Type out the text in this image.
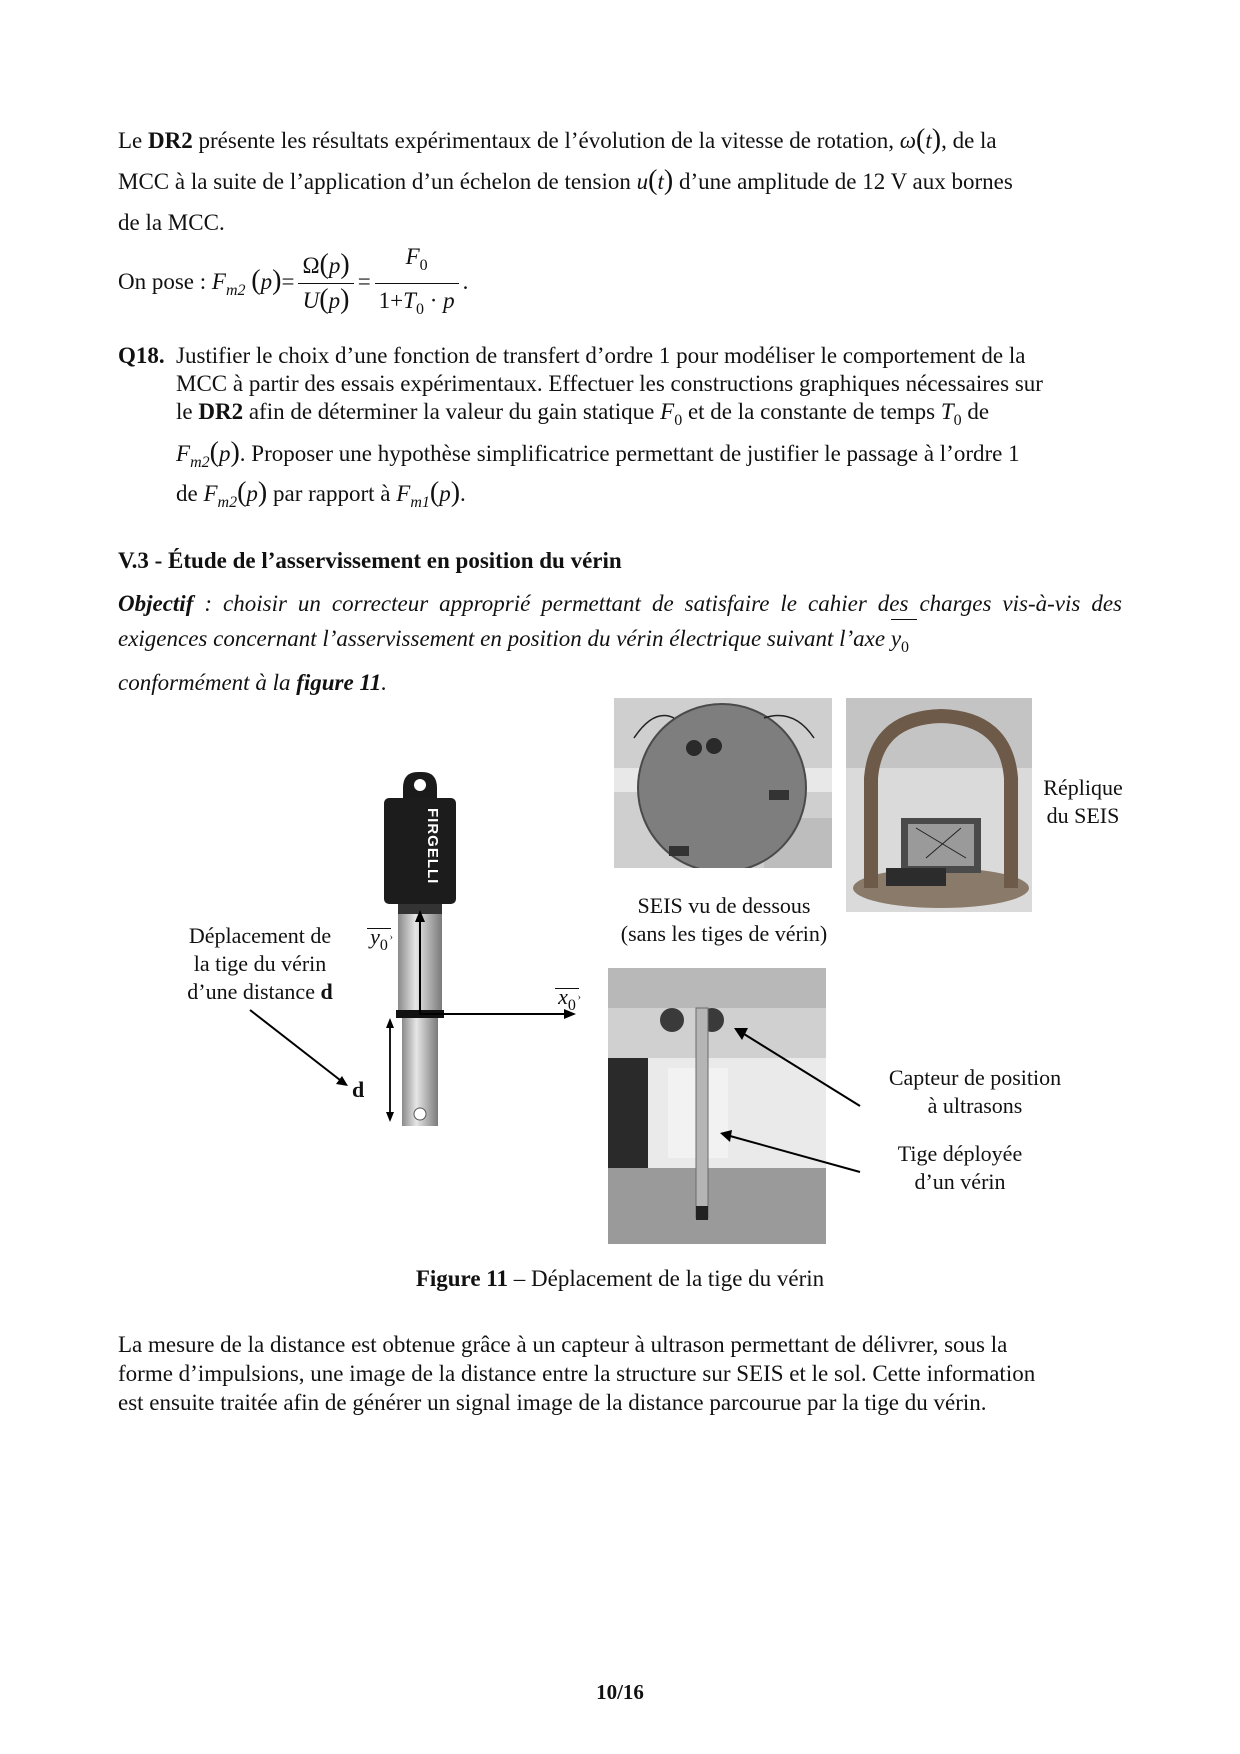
Le DR2 présente les résultats expérimentaux de l’évolution de la vitesse de rotation, ω(t), de la
MCC à la suite de l’application d’un échelon de tension u(t) d’une amplitude de 12 V aux bornes
de la MCC.
On pose : $F_{m2}$ $(p)= \frac{\Omega(p)}{U(p)} = \frac{F_0}{1+T_0 \cdot p}$ .
Q18. Justifier le choix d’une fonction de transfert d’ordre 1 pour modéliser le comportement de la
MCC à partir des essais expérimentaux. Effectuer les constructions graphiques nécessaires sur
le DR2 afin de déterminer la valeur du gain statique $F_0$ et de la constante de temps $T_0$ de
$F_{m2}(p)$. Proposer une hypothèse simplificatrice permettant de justifier le passage à l’ordre 1
de $F_{m2}(p)$ par rapport à $F_{m1}(p)$.
V.3 - Étude de l’asservissement en position du vérin
Objectif : choisir un correcteur approprié permettant de satisfaire le cahier des charges vis-à-vis des exigences concernant l’asservissement en position du vérin électrique suivant l’axe
$y_0$
conformément à la figure 11.
FIRGELLI
Déplacement de
la tige du vérin
d’une distance d
d
›
$y_0$
›
$x_0$
Réplique
du SEIS
SEIS vu de dessous
(sans les tiges de vérin)
Capteur de position
à ultrasons
Tige déployée
d’un vérin
Figure 11 – Déplacement de la tige du vérin
La mesure de la distance est obtenue grâce à un capteur à ultrason permettant de délivrer, sous la
forme d’impulsions, une image de la distance entre la structure sur SEIS et le sol. Cette information
est ensuite traitée afin de générer un signal image de la distance parcourue par la tige du vérin.
10/16
